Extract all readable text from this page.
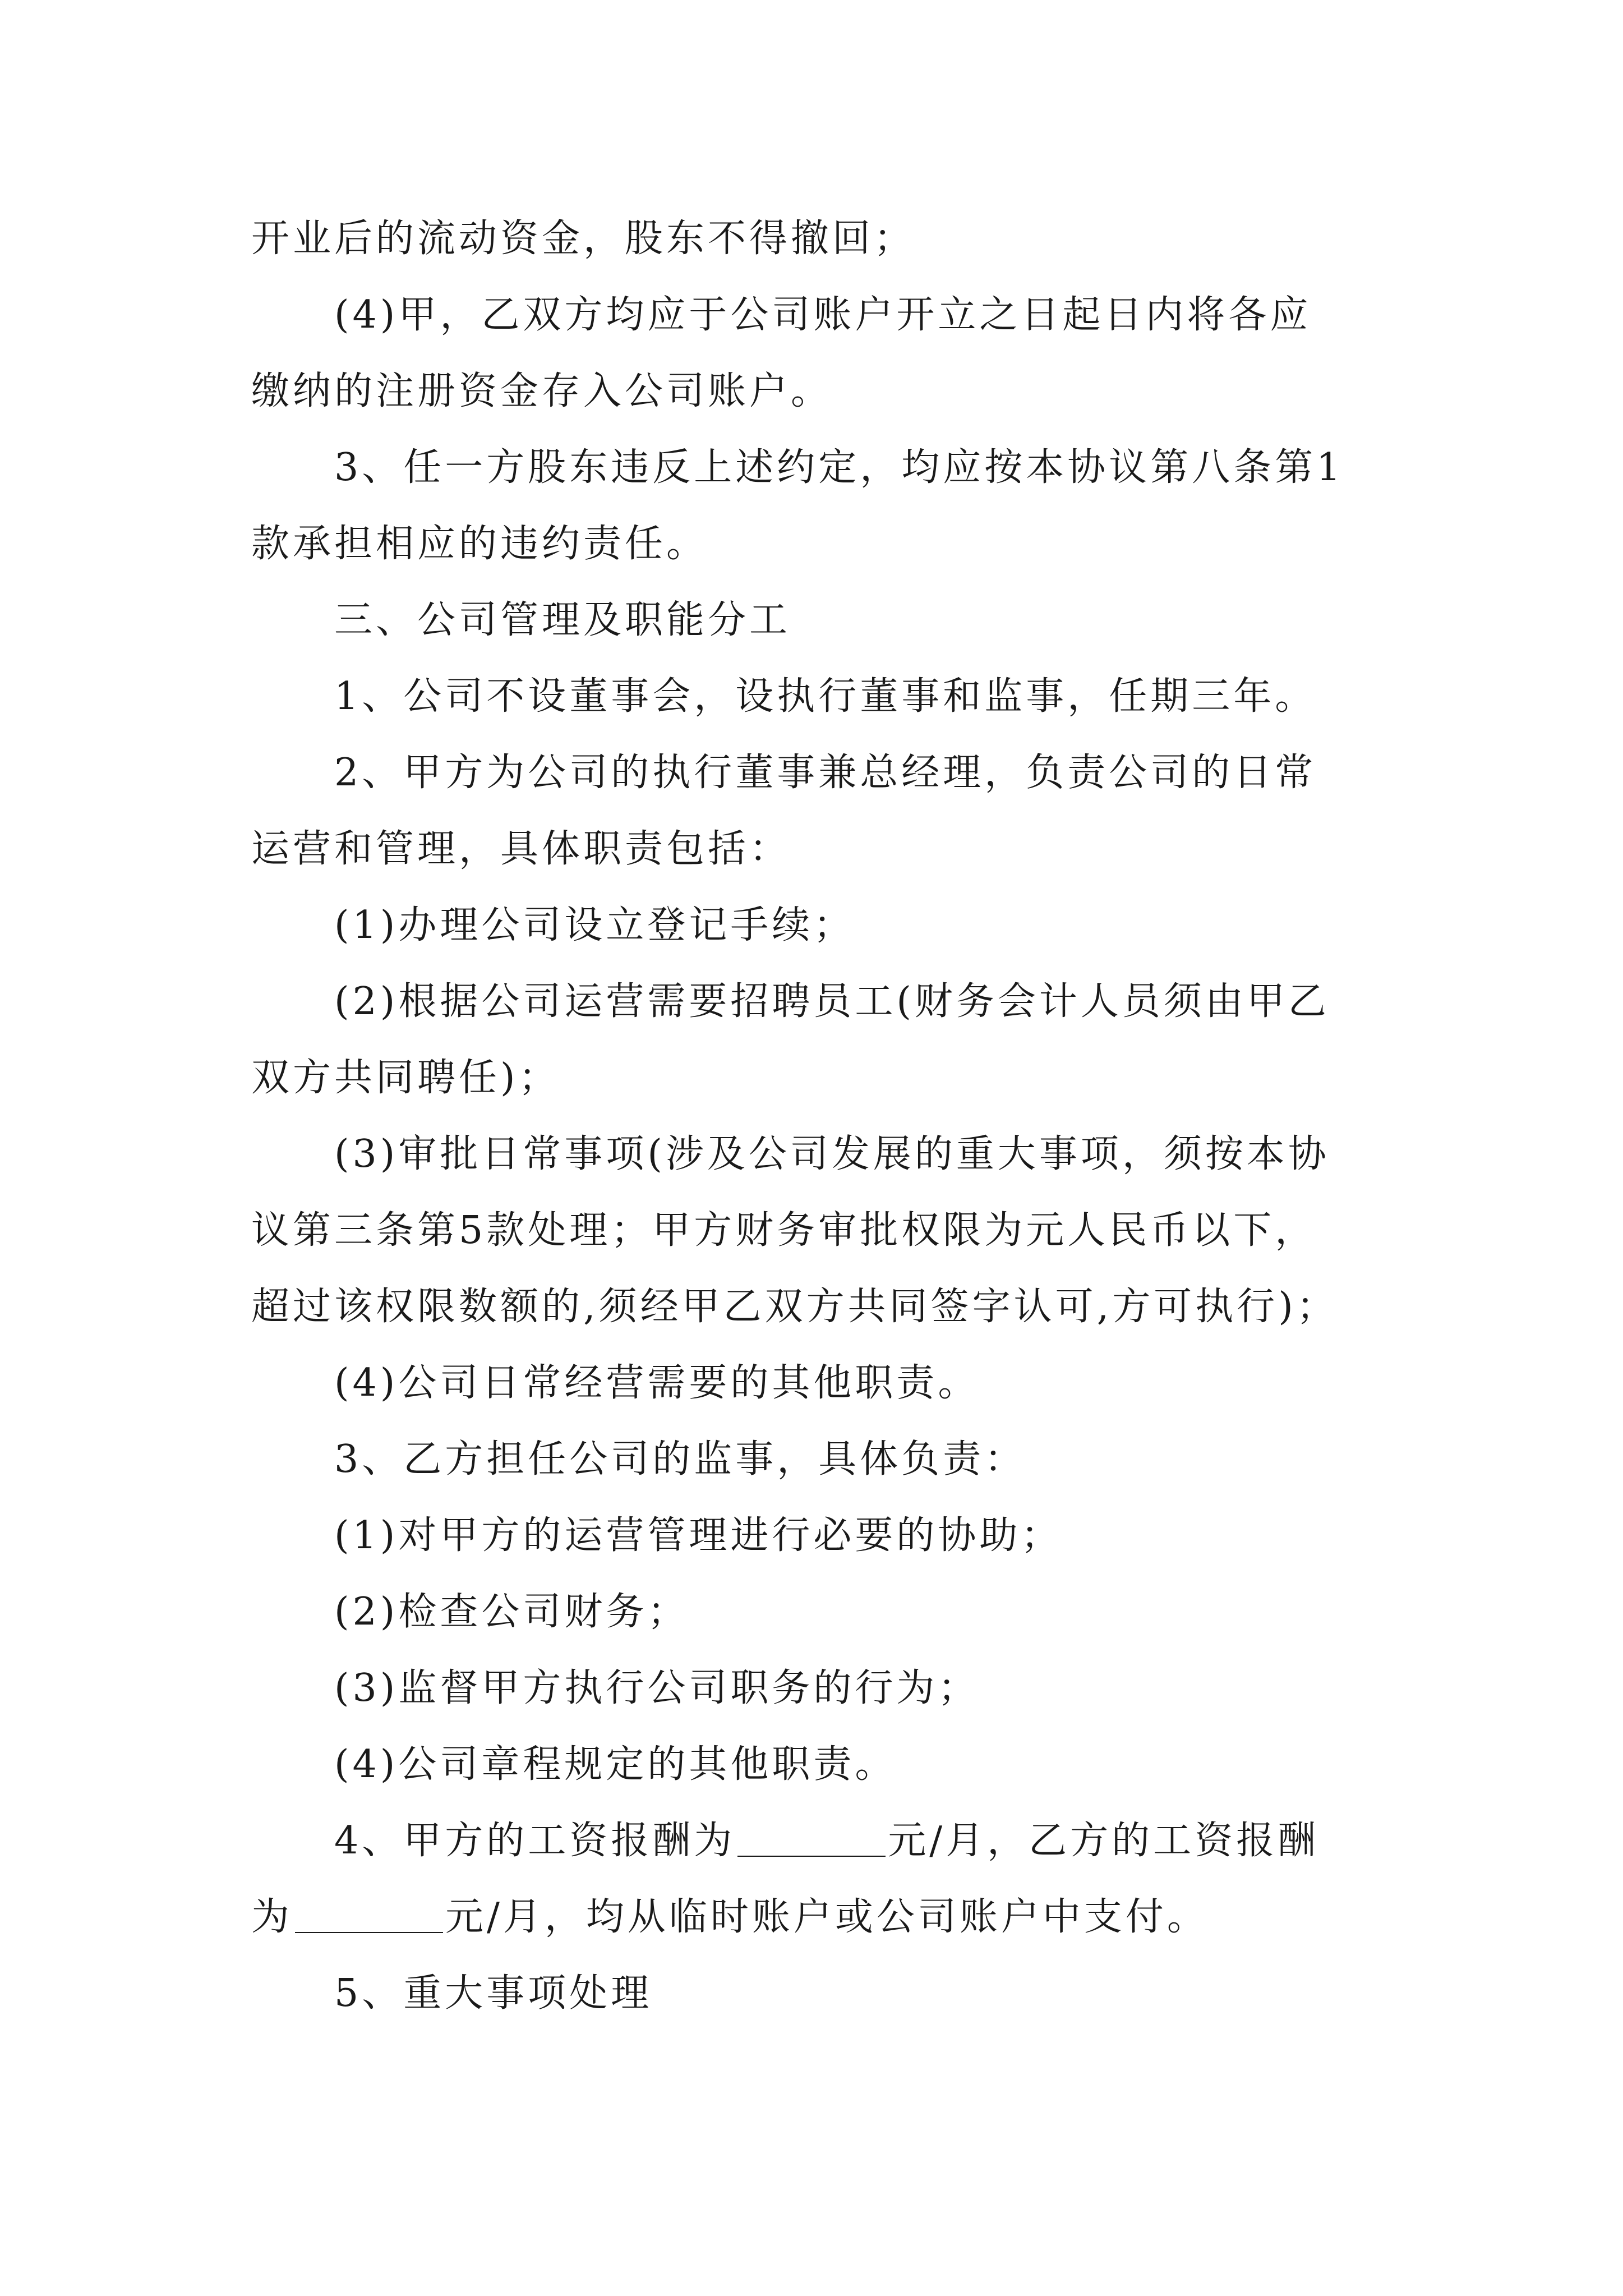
开业后的流动资金，股东不得撤回；

(4)甲，乙双方均应于公司账户开立之日起日内将各应

缴纳的注册资金存入公司账户。

3、任一方股东违反上述约定，均应按本协议第八条第1

款承担相应的违约责任。

三、公司管理及职能分工

1、公司不设董事会，设执行董事和监事，任期三年。

2、甲方为公司的执行董事兼总经理，负责公司的日常

运营和管理，具体职责包括：

(1)办理公司设立登记手续；

(2)根据公司运营需要招聘员工(财务会计人员须由甲乙

双方共同聘任)；

(3)审批日常事项(涉及公司发展的重大事项，须按本协

议第三条第5款处理；甲方财务审批权限为元人民币以下，

超过该权限数额的,须经甲乙双方共同签字认可,方可执行)；

(4)公司日常经营需要的其他职责。

3、乙方担任公司的监事，具体负责：

(1)对甲方的运营管理进行必要的协助；

(2)检查公司财务；

(3)监督甲方执行公司职务的行为；

(4)公司章程规定的其他职责。

4、甲方的工资报酬为	元/月，乙方的工资报酬

为	元/月，均从临时账户或公司账户中支付。

5、重大事项处理
